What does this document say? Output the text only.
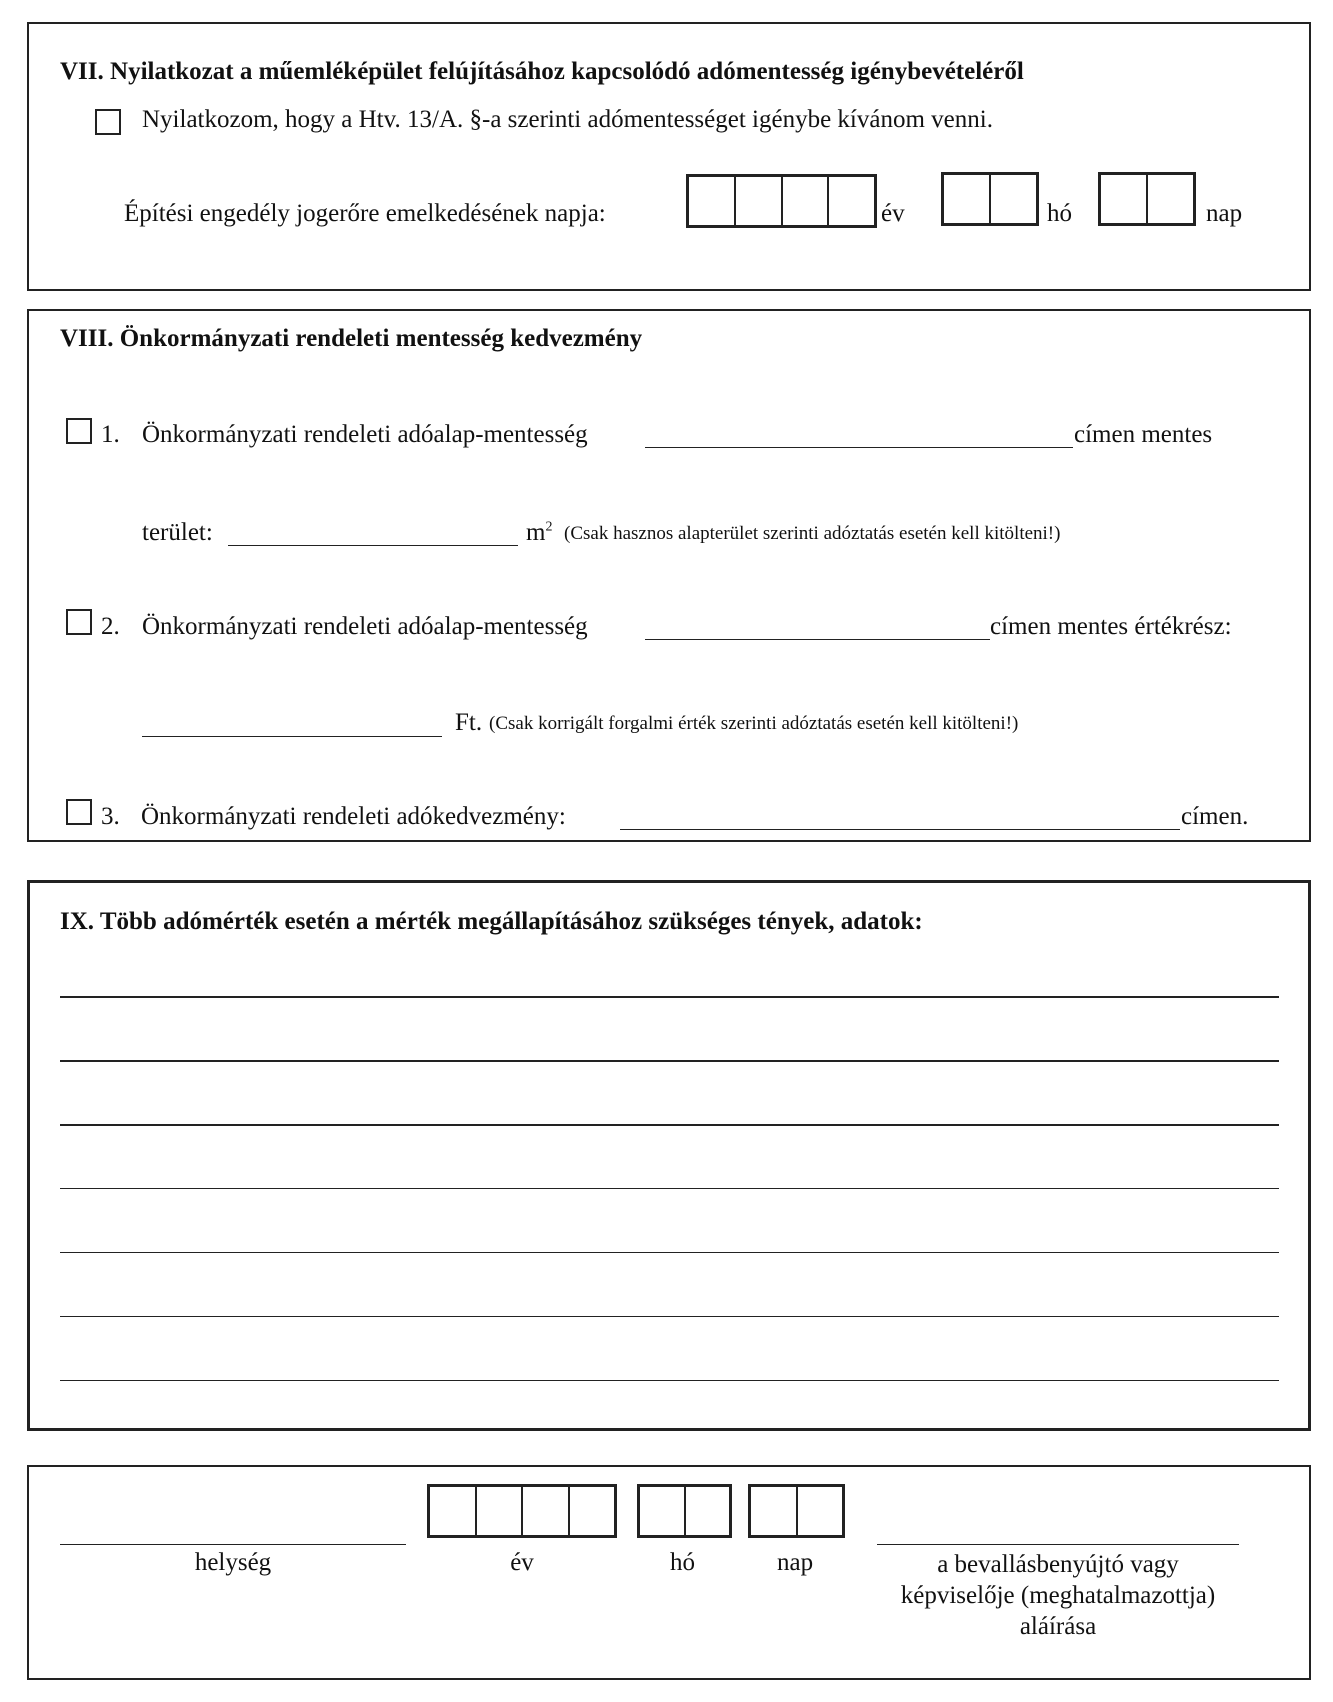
VII. Nyilatkozat a műemléképület felújításához kapcsolódó adómentesség igénybevételéről
Nyilatkozom, hogy a Htv. 13/A. §-a szerinti adómentességet igénybe kívánom venni.
Építési engedély jogerőre emelkedésének napja:	év	hó	nap
VIII. Önkormányzati rendeleti mentesség kedvezmény
1. Önkormányzati rendeleti adóalap-mentesség	címen mentes
terület:	$m^2$ (Csak hasznos alapterület szerinti adóztatás esetén kell kitölteni!)
2. Önkormányzati rendeleti adóalap-mentesség	címen mentes értékrész:
Ft. (Csak korrigált forgalmi érték szerinti adóztatás esetén kell kitölteni!)
3. Önkormányzati rendeleti adókedvezmény:	címen.
IX. Több adómérték esetén a mérték megállapításához szükséges tények, adatok:
helység	év	hó	nap	a bevallásbenyújtó vagy
képviselője (meghatalmazottja)
aláírása
